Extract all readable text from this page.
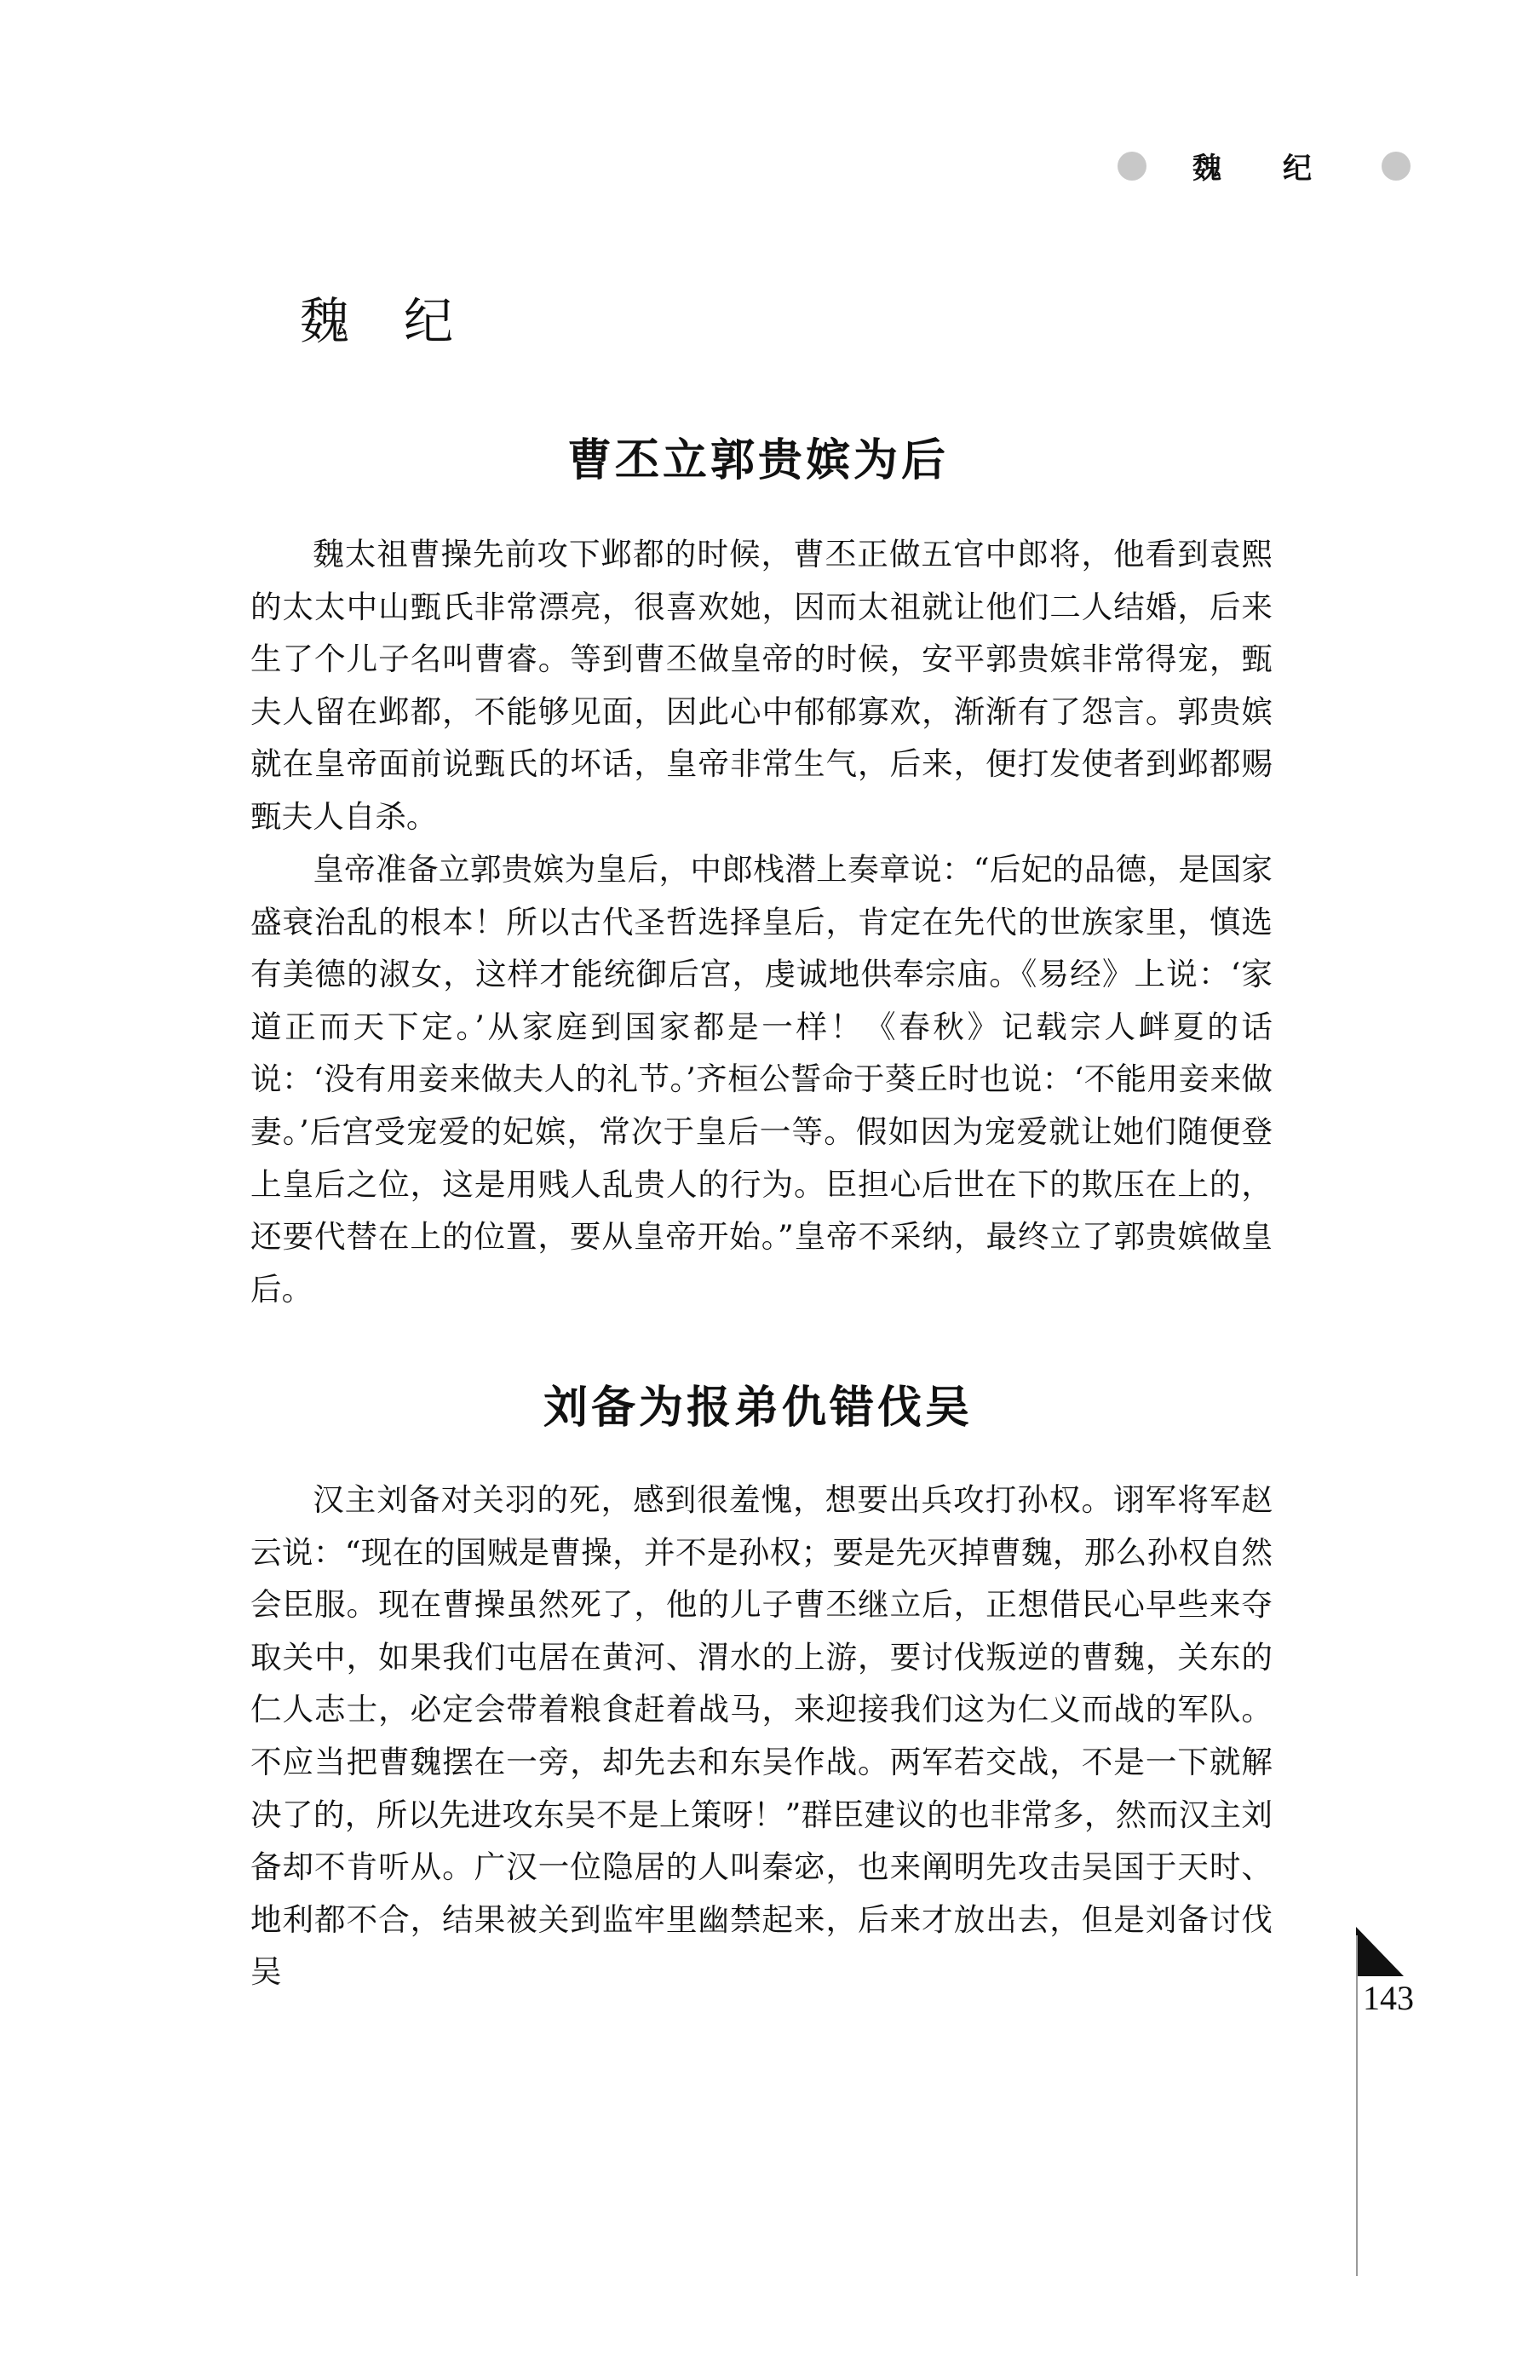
魏纪
魏纪
曹丕立郭贵嫔为后

魏太祖曹操先前攻下邺都的时候，曹丕正做五官中郎将，他看到袁熙的太太中山甄氏非常漂亮，很喜欢她，因而太祖就让他们二人结婚，后来生了个儿子名叫曹睿。等到曹丕做皇帝的时候，安平郭贵嫔非常得宠，甄夫人留在邺都，不能够见面，因此心中郁郁寡欢，渐渐有了怨言。郭贵嫔就在皇帝面前说甄氏的坏话，皇帝非常生气，后来，便打发使者到邺都赐甄夫人自杀。

皇帝准备立郭贵嫔为皇后，中郎栈潜上奏章说：“后妃的品德，是国家盛衰治乱的根本！所以古代圣哲选择皇后，肯定在先代的世族家里，慎选有美德的淑女，这样才能统御后宫，虔诚地供奉宗庙。《易经》上说：‘家道正而天下定。’从家庭到国家都是一样！《春秋》记载宗人衅夏的话说：‘没有用妾来做夫人的礼节。’齐桓公誓命于葵丘时也说：‘不能用妾来做妻。’后宫受宠爱的妃嫔，常次于皇后一等。假如因为宠爱就让她们随便登上皇后之位，这是用贱人乱贵人的行为。臣担心后世在下的欺压在上的，还要代替在上的位置，要从皇帝开始。”皇帝不采纳，最终立了郭贵嫔做皇后。

刘备为报弟仇错伐吴

汉主刘备对关羽的死，感到很羞愧，想要出兵攻打孙权。诩军将军赵云说：“现在的国贼是曹操，并不是孙权；要是先灭掉曹魏，那么孙权自然会臣服。现在曹操虽然死了，他的儿子曹丕继立后，正想借民心早些来夺取关中，如果我们屯居在黄河、渭水的上游，要讨伐叛逆的曹魏，关东的仁人志士，必定会带着粮食赶着战马，来迎接我们这为仁义而战的军队。不应当把曹魏摆在一旁，却先去和东吴作战。两军若交战，不是一下就解决了的，所以先进攻东吴不是上策呀！”群臣建议的也非常多，然而汉主刘备却不肯听从。广汉一位隐居的人叫秦宓，也来阐明先攻击吴国于天时、地利都不合，结果被关到监牢里幽禁起来，后来才放出去，但是刘备讨伐吴

143
